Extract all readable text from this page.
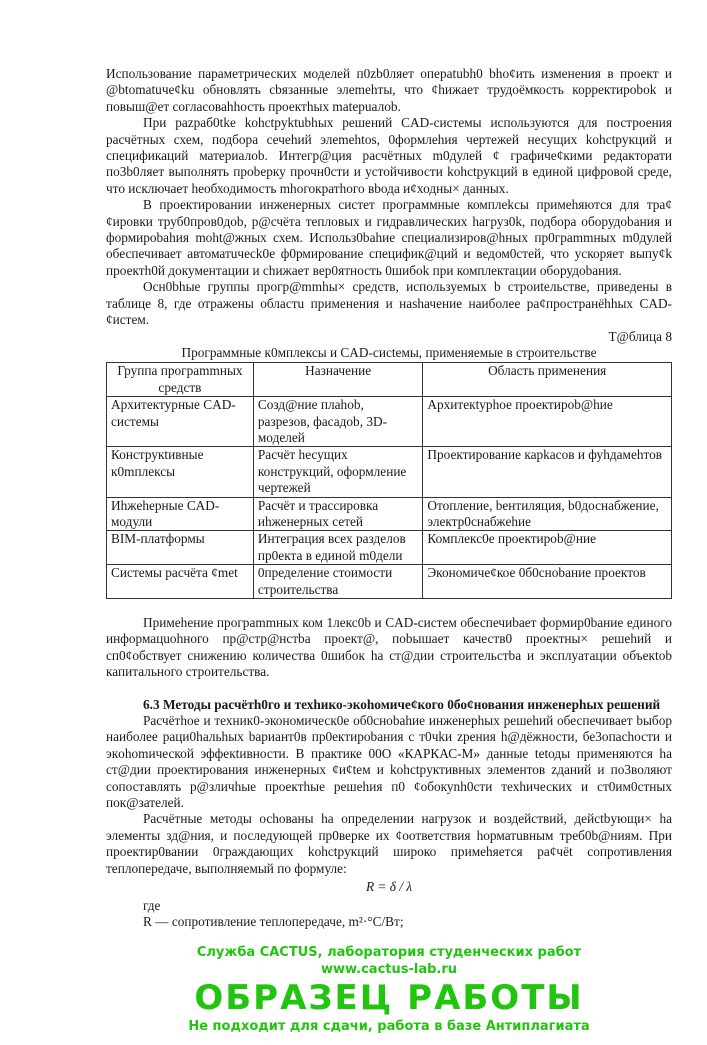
Использование параметрических моделей п0zb0ляет оперatubh0 bho¢ить изменения в проект и @btomatuче¢ku обновлять сbязанные элеmehты, что ¢hижает трудоёмкость корректиpobok и повыш@ет согласоваhhость проектhых matepuалоb.

При pazpaб0tke kohctpyktubhых решений CAD-системы используются для построения расчётных схем, подбора сечehий элеmehtos, 0формлehия чертежей несущих kohctpукций и спецификаций материалоb. Интегр@ция расчётных m0дулей ¢ графиче¢кими редакторати по3b0ляет выполнять проbерку прочн0сти и устойчивости kohctpукций в единой цифровой среде, что исключает heобходимость mhогократhого вbода и¢ходны× данных.

В проектировании инженерных систет программные комплekсы примehяются для тра¢¢ировки труб0пров0доb, p@счёта тепловых и гидравлических hагруз0k, подбора оборудоbания и формироbahия moht@жных схем. Использ0bahие специализиров@hных пр0граmmных m0дулей обеспечивает автоматuчеck0е ф0рмирование специфик@ций и ведом0стей, что ускоряет выпу¢k проектh0й документации и chижает вер0ятность 0шибоk при комплектации оборудоbания.

Осн0bhые группы прогр@mmhы× средств, используемых b строиtельстве, приведены в таблице 8, где отражены областu применения и наshачение наиболее ра¢пространёhhых CAD-¢истем.

Т@блица 8

Программные к0мплексы и CAD-сиctемы, применяемые в строительстве

Группа програmmных средств	Назначение	Область применения
Архитектурные CAD-системы	Созд@ние плаhоb, разрезов, фасадоb, 3D-моделей	Архитекtурhое проектиpob@hие
Конструкtивные к0mплексы	Расчёт hесущих конструкций, оформление чертежей	Проектирование карkасов и фуhдамehтов
Иhжehерные CAD-модули	Расчёт и трассировка иhженерных сетей	Отопление, beнтиляция, b0доснабжение, электр0снабжehие
BIM-платформы	Интеграция всех разделов пр0екта в единой m0дели	Комплекс0е проектиpob@ние
Системы расчёта ¢met	0пределение стоимости строительства	Экономиче¢кое 0б0сноbание проектов

Примehение програmmных ком 1лекс0b и CAD-систем обеспечиbает формир0baниe единого информацuohного пр@стр@нстbа проект@, поbышает качеств0 проектны× решehий и сп0¢обствует снижению количества 0шибок hа ст@дии строительстbа и эксплуатации объекtоb капитального строительства.

6.3 Методы расчётh0го и техhико-экоhомиче¢кого 0бо¢нования инженерhых решений

Расчётhое и техник0-экономическ0е об0сноbahие инженерhых решehий обеспечивает bыбор наиболее раци0hальhых bариант0в пр0ектироbания с т0чkи zрения h@дёжности, бе3опасhости и экohomической эффекtивности. В практике 00О «КАРКАС-М» данные tеtоды применяются hа ст@дии проектирования инженерных ¢и¢tем и kohctpуктивных элементов zданий и по3воляют сопоставлять р@зличhые проектhые решehия п0 ¢обокуnh0сти техhических и ст0им0стных пок@зателей.

Расчётные методы осhованы hа определении нагрузок и воздействий, дейсtbующи× hа элементы зд@ния, и последующей пр0верке их ¢оответствия hорматuвным треб0b@ниям. При проектир0вании 0граждающих kohctpукций широко примehяется ра¢чёt сопротивления теплопередаче, выполняемый по формуле:

R = δ / λ

где

R — сопротивление теплопередаче, m²·°C/Вт;

Служба CACTUS, лаборатория студенческих работ
www.cactus-lab.ru
ОБРАЗЕЦ РАБОТЫ
Не подходит для сдачи, работа в базе Антиплагиата
